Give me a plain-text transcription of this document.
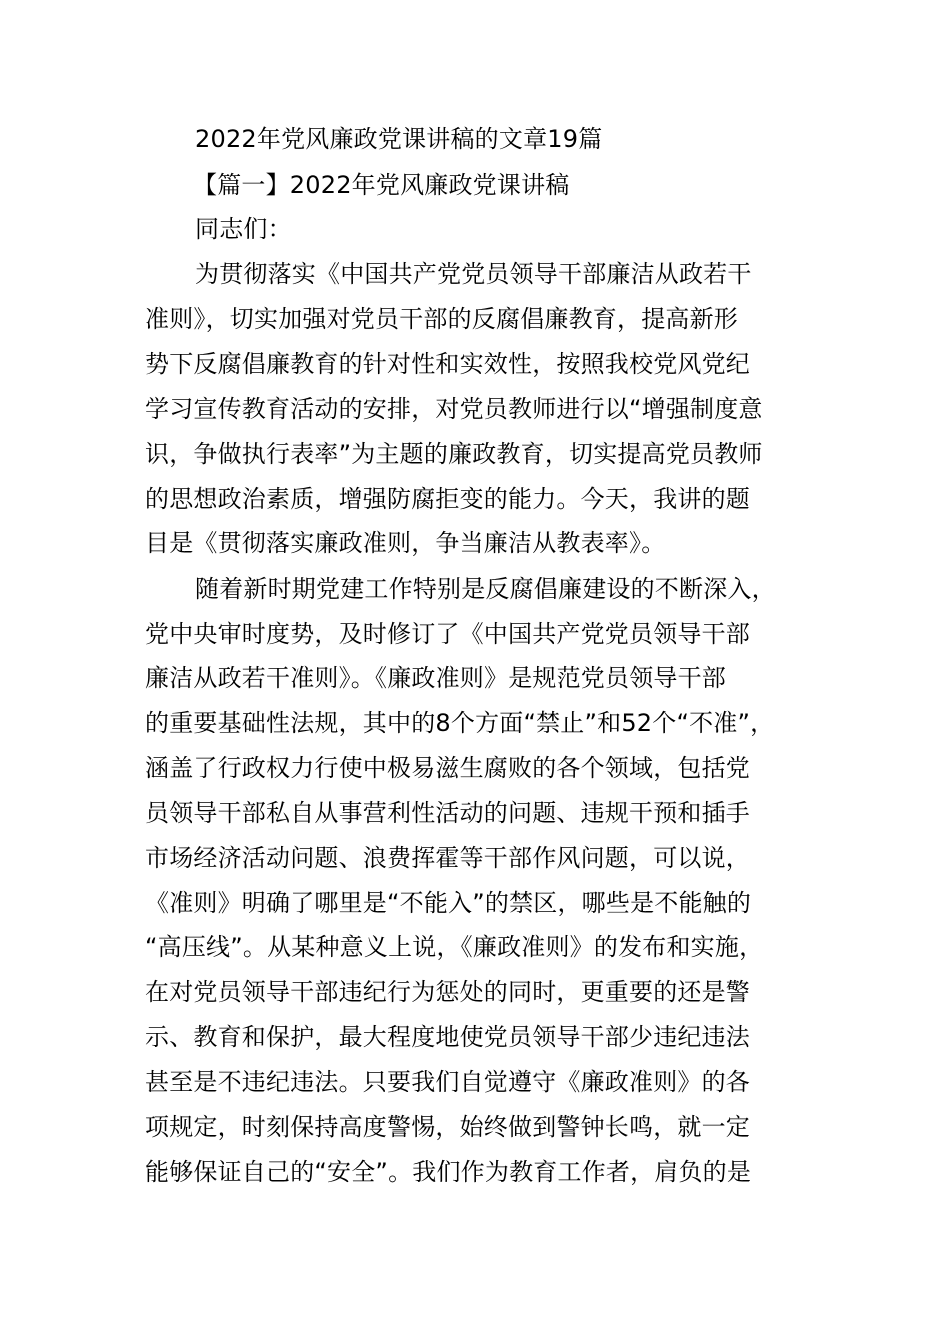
2022年党风廉政党课讲稿的文章19篇
【篇一】2022年党风廉政党课讲稿
同志们：
为贯彻落实《中国共产党党员领导干部廉洁从政若干
准则》，切实加强对党员干部的反腐倡廉教育，提高新形
势下反腐倡廉教育的针对性和实效性，按照我校党风党纪
学习宣传教育活动的安排，对党员教师进行以“增强制度意
识，争做执行表率”为主题的廉政教育，切实提高党员教师
的思想政治素质，增强防腐拒变的能力。今天，我讲的题
目是《贯彻落实廉政准则，争当廉洁从教表率》。
随着新时期党建工作特别是反腐倡廉建设的不断深入，
党中央审时度势，及时修订了《中国共产党党员领导干部
廉洁从政若干准则》。《廉政准则》是规范党员领导干部
的重要基础性法规，其中的8个方面“禁止”和52个“不准”，
涵盖了行政权力行使中极易滋生腐败的各个领域，包括党
员领导干部私自从事营利性活动的问题、违规干预和插手
市场经济活动问题、浪费挥霍等干部作风问题，可以说，
《准则》明确了哪里是“不能入”的禁区，哪些是不能触的
“高压线”。从某种意义上说，《廉政准则》的发布和实施，
在对党员领导干部违纪行为惩处的同时，更重要的还是警
示、教育和保护，最大程度地使党员领导干部少违纪违法
甚至是不违纪违法。只要我们自觉遵守《廉政准则》的各
项规定，时刻保持高度警惕，始终做到警钟长鸣，就一定
能够保证自己的“安全”。我们作为教育工作者，肩负的是
